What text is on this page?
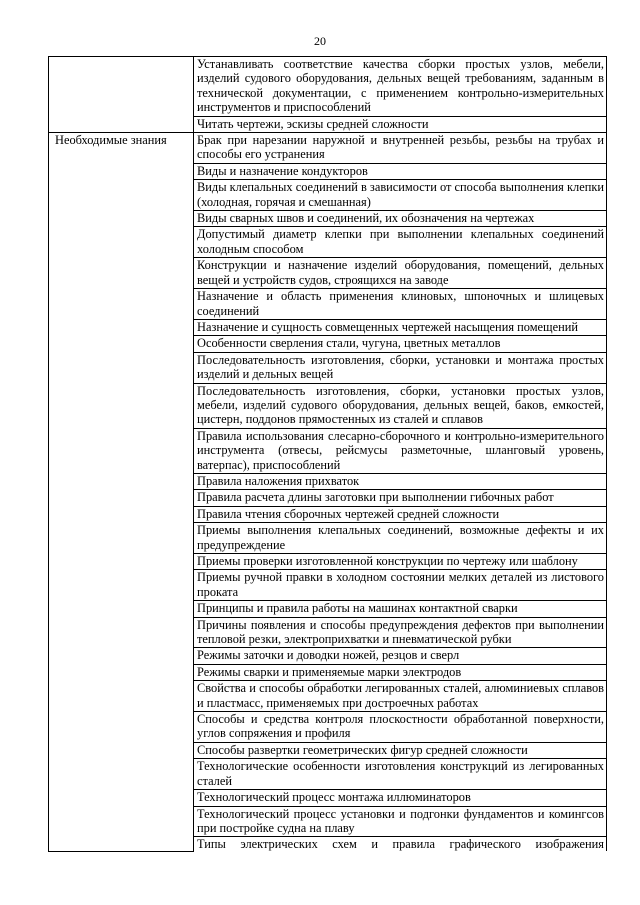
20
	Устанавливать соответствие качества сборки простых узлов, мебели, изделий судового оборудования, дельных вещей требованиям, заданным в технической документации, с применением контрольно-измерительных инструментов и приспособлений
	Читать чертежи, эскизы средней сложности
Необходимые знания	Брак при нарезании наружной и внутренней резьбы, резьбы на трубах и способы его устранения
	Виды и назначение кондукторов
	Виды клепальных соединений в зависимости от способа выполнения клепки (холодная, горячая и смешанная)
	Виды сварных швов и соединений, их обозначения на чертежах
	Допустимый диаметр клепки при выполнении клепальных соединений холодным способом
	Конструкции и назначение изделий оборудования, помещений, дельных вещей и устройств судов, строящихся на заводе
	Назначение и область применения клиновых, шпоночных и шлицевых соединений
	Назначение и сущность совмещенных чертежей насыщения помещений
	Особенности сверления стали, чугуна, цветных металлов
	Последовательность изготовления, сборки, установки и монтажа простых изделий и дельных вещей
	Последовательность изготовления, сборки, установки простых узлов, мебели, изделий судового оборудования, дельных вещей, баков, емкостей, цистерн, поддонов прямостенных из сталей и сплавов
	Правила использования слесарно-сборочного и контрольно-измерительного инструмента (отвесы, рейсмусы разметочные, шланговый уровень, ватерпас), приспособлений
	Правила наложения прихваток
	Правила расчета длины заготовки при выполнении гибочных работ
	Правила чтения сборочных чертежей средней сложности
	Приемы выполнения клепальных соединений, возможные дефекты и их предупреждение
	Приемы проверки изготовленной конструкции по чертежу или шаблону
	Приемы ручной правки в холодном состоянии мелких деталей из листового проката
	Принципы и правила работы на машинах контактной сварки
	Причины появления и способы предупреждения дефектов при выполнении тепловой резки, электроприхватки и пневматической рубки
	Режимы заточки и доводки ножей, резцов и сверл
	Режимы сварки и применяемые марки электродов
	Свойства и способы обработки легированных сталей, алюминиевых сплавов и пластмасс, применяемых при достроечных работах
	Способы и средства контроля плоскостности обработанной поверхности, углов сопряжения и профиля
	Способы развертки геометрических фигур средней сложности
	Технологические особенности изготовления конструкций из легированных сталей
	Технологический процесс монтажа иллюминаторов
	Технологический процесс установки и подгонки фундаментов и комингсов при постройке судна на плаву

	Типы электрических схем и правила графического изображения
